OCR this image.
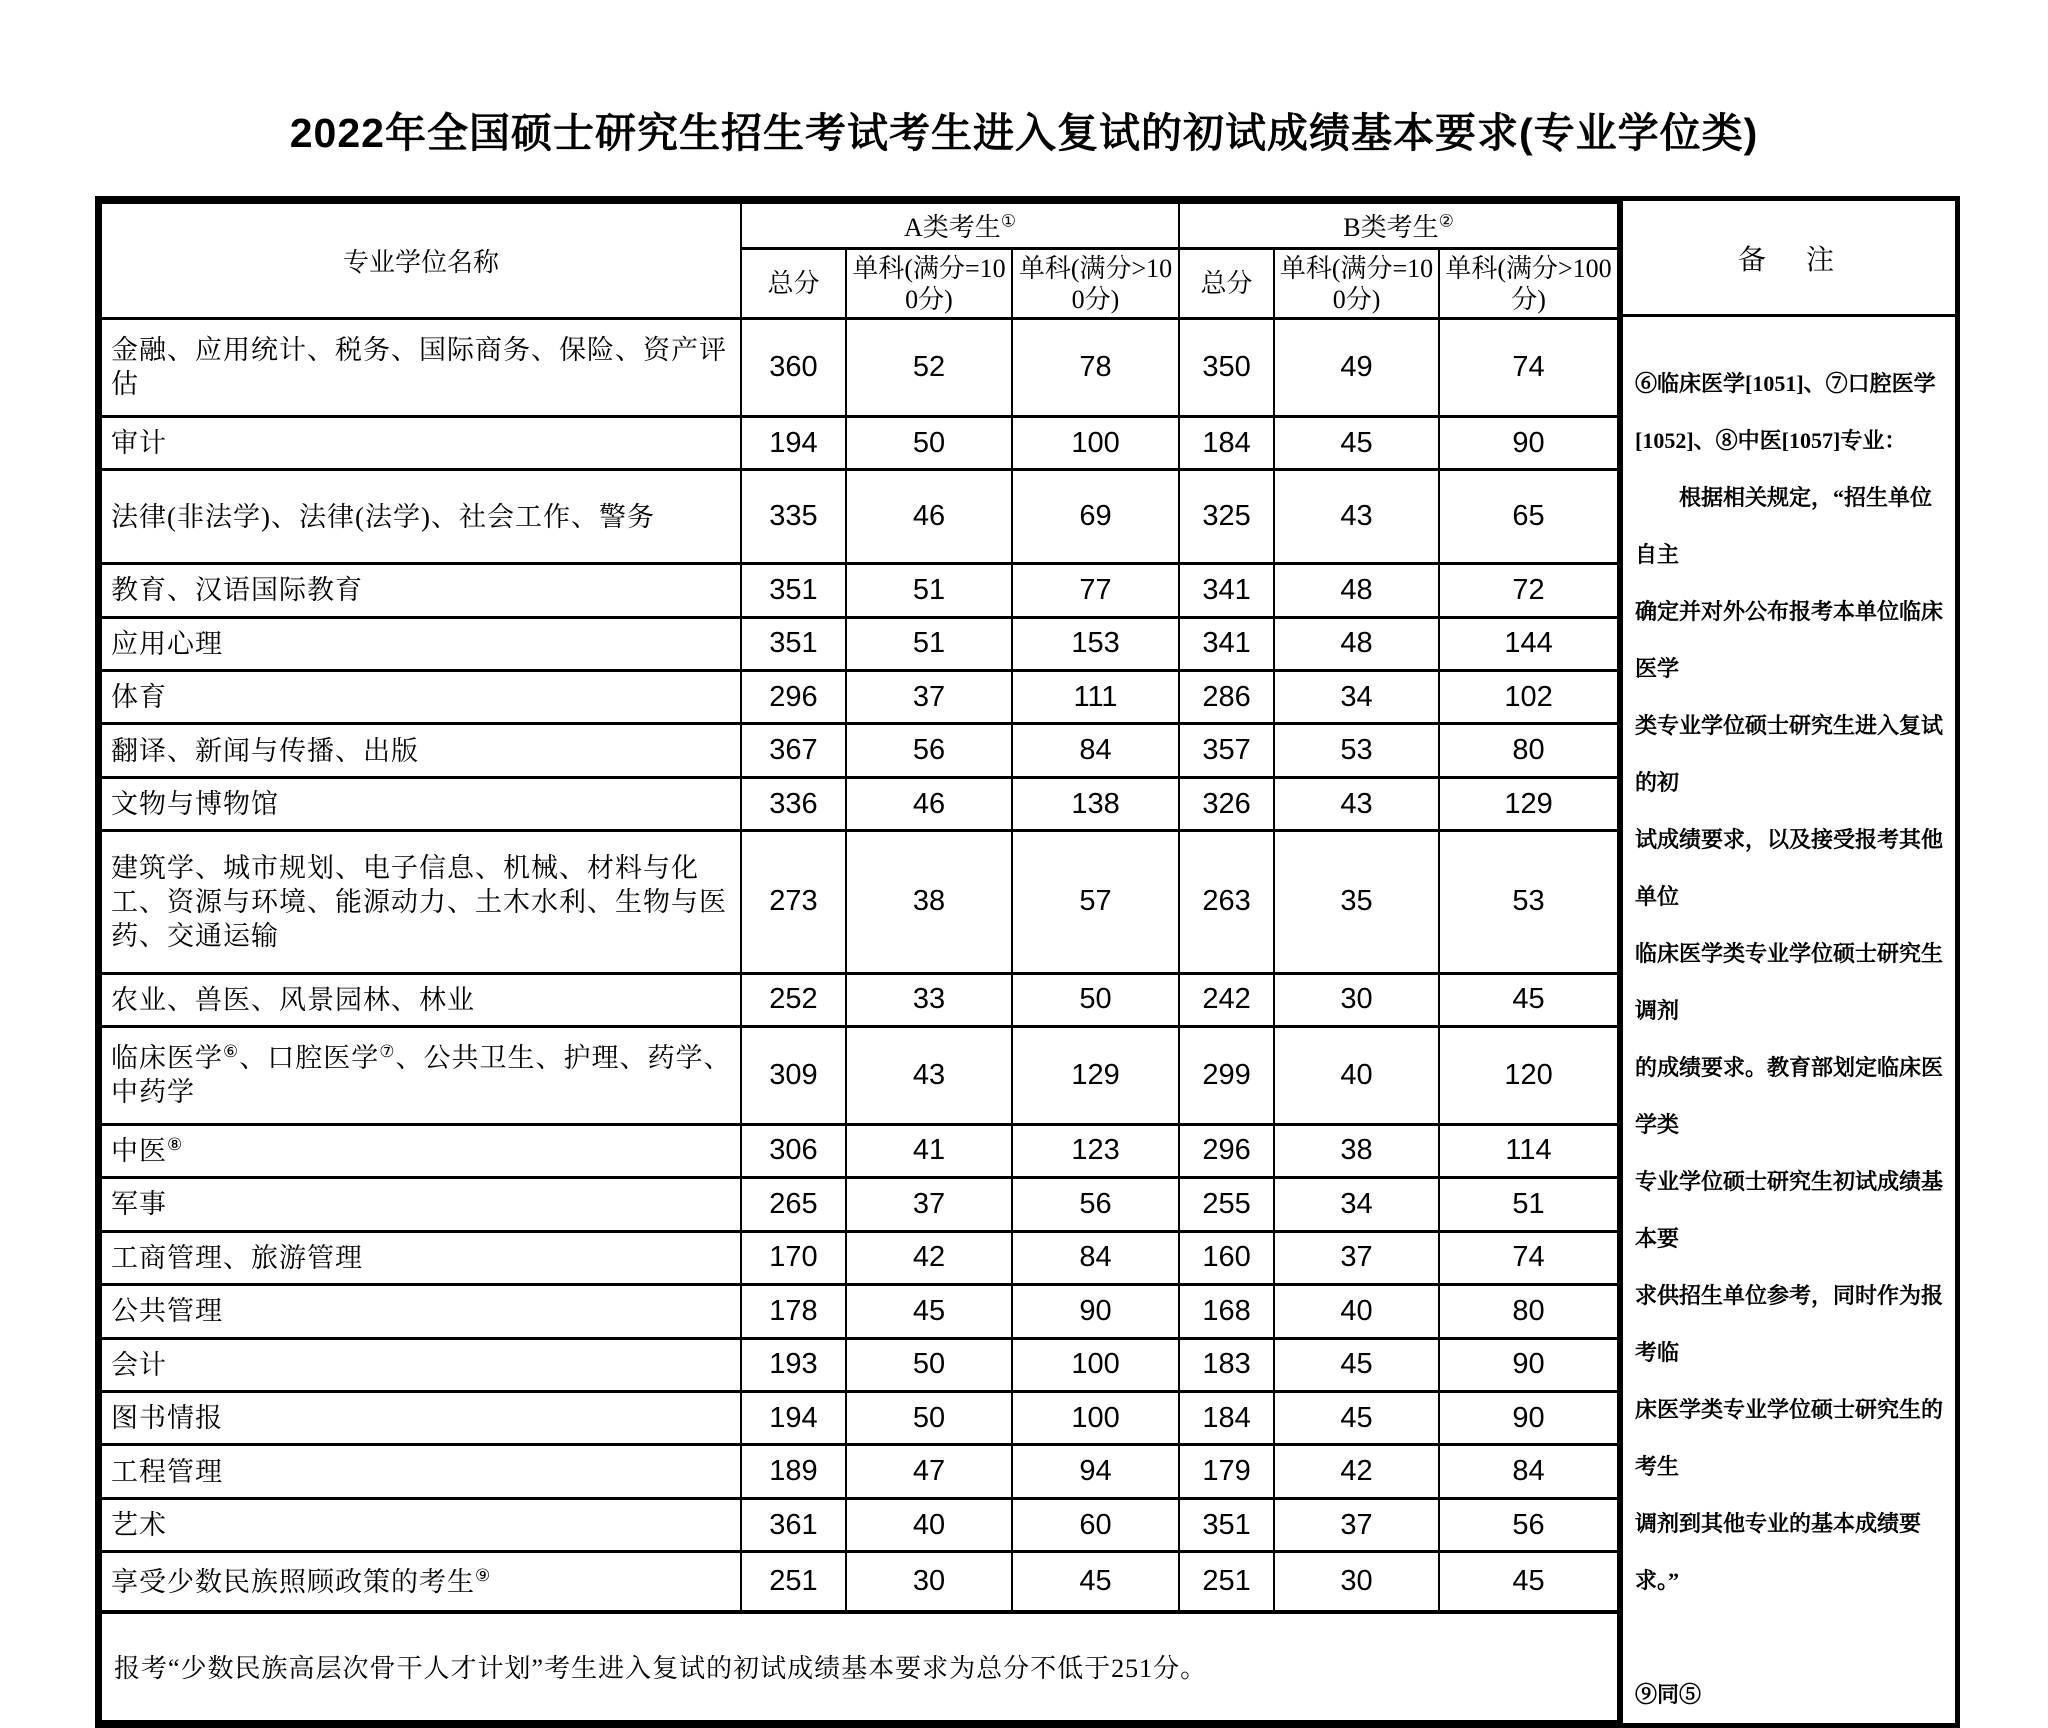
2022年全国硕士研究生招生考试考生进入复试的初试成绩基本要求(专业学位类)
专业学位名称	A类考生①			B类考生②
	总分	单科(满分=100分)	单科(满分>100分)	总分	单科(满分=100分)	单科(满分>100分)
金融、应用统计、税务、国际商务、保险、资产评估	360	52	78	350	49	74
审计	194	50	100	184	45	90
法律(非法学)、法律(法学)、社会工作、警务	335	46	69	325	43	65
教育、汉语国际教育	351	51	77	341	48	72
应用心理	351	51	153	341	48	144
体育	296	37	111	286	34	102
翻译、新闻与传播、出版	367	56	84	357	53	80
文物与博物馆	336	46	138	326	43	129
建筑学、城市规划、电子信息、机械、材料与化工、资源与环境、能源动力、土木水利、生物与医药、交通运输	273	38	57	263	35	53
农业、兽医、风景园林、林业	252	33	50	242	30	45
临床医学⑥、口腔医学⑦、公共卫生、护理、药学、中药学	309	43	129	299	40	120
中医⑧	306	41	123	296	38	114
军事	265	37	56	255	34	51
工商管理、旅游管理	170	42	84	160	37	74
公共管理	178	45	90	168	40	80
会计	193	50	100	183	45	90
图书情报	194	50	100	184	45	90
工程管理	189	47	94	179	42	84
艺术	361	40	60	351	37	56
享受少数民族照顾政策的考生⑨	251	30	45	251	30	45
报考“少数民族高层次骨干人才计划”考生进入复试的初试成绩基本要求为总分不低于251分。						
备　注
⑥临床医学[1051]、⑦口腔医学
[1052]、⑧中医[1057]专业：
　　根据相关规定，“招生单位自主
确定并对外公布报考本单位临床医学
类专业学位硕士研究生进入复试的初
试成绩要求，以及接受报考其他单位
临床医学类专业学位硕士研究生调剂
的成绩要求。教育部划定临床医学类
专业学位硕士研究生初试成绩基本要
求供招生单位参考，同时作为报考临
床医学类专业学位硕士研究生的考生
调剂到其他专业的基本成绩要求。”
⑨同⑤
